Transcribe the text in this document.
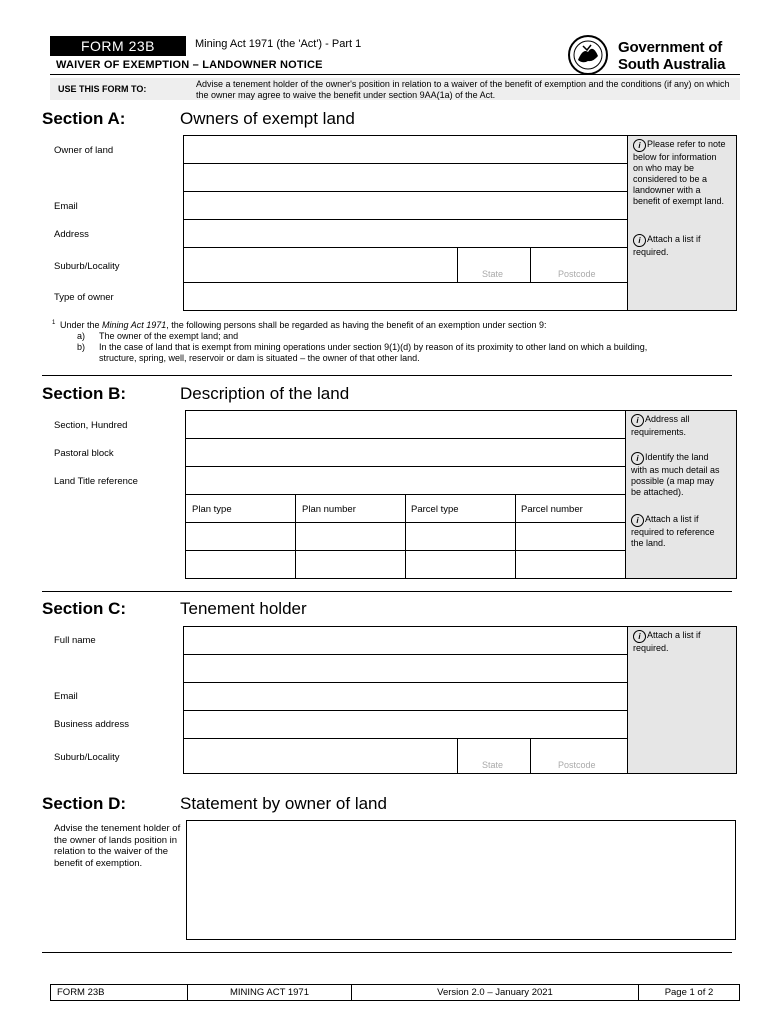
FORM 23B	Mining Act 1971 (the 'Act') - Part 1
WAIVER OF EXEMPTION – LANDOWNER NOTICE
Government of
South Australia
USE THIS FORM TO:	Advise a tenement holder of the owner's position in relation to a waiver of the benefit of exemption and the conditions (if any) on which the owner may agree to waive the benefit under section 9AA(1a) of the Act.
Section A:	Owners of exempt land
Owner of land
Email
Address
Suburb/Locality
State	Postcode
Type of owner
i Please refer to note below for information on who may be considered to be a landowner with a benefit of exempt land.
i Attach a list if required.
1 Under the Mining Act 1971, the following persons shall be regarded as having the benefit of an exemption under section 9:
a) The owner of the exempt land; and
b) In the case of land that is exempt from mining operations under section 9(1)(d) by reason of its proximity to other land on which a building, structure, spring, well, reservoir or dam is situated – the owner of that other land.
Section B:	Description of the land
Section, Hundred
Pastoral block
Land Title reference
Plan type	Plan number	Parcel type	Parcel number
i Address all requirements.
i Identify the land with as much detail as possible (a map may be attached).
i Attach a list if required to reference the land.
Section C:	Tenement holder
Full name
Email
Business address
Suburb/Locality
State	Postcode
i Attach a list if required.
Section D:	Statement by owner of land
Advise the tenement holder of the owner of lands position in relation to the waiver of the benefit of exemption.
FORM 23B	MINING ACT 1971	Version 2.0 – January 2021	Page 1 of 2
